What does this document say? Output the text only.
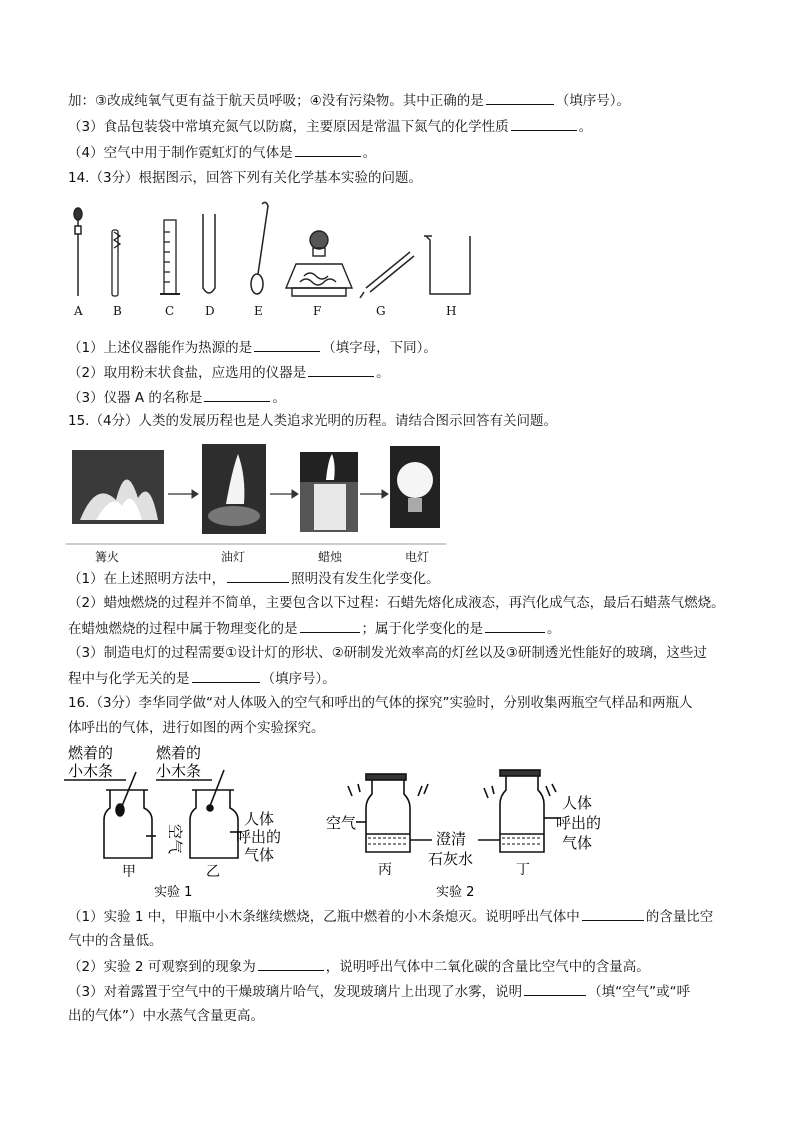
加：③改成纯氧气更有益于航天员呼吸；④没有污染物。其中正确的是	（填序号）。
（3）食品包装袋中常填充氮气以防腐，主要原因是常温下氮气的化学性质	。
（4）空气中用于制作霓虹灯的气体是	。
14.（3分）根据图示，回答下列有关化学基本实验的问题。
A	B	C	D	E	F	G	H
（1）上述仪器能作为热源的是	（填字母，下同）。
（2）取用粉末状食盐，应选用的仪器是	。
（3）仪器 A 的名称是	。
15.（4分）人类的发展历程也是人类追求光明的历程。请结合图示回答有关问题。
篝火	油灯	蜡烛	电灯
（1）在上述照明方法中，	照明没有发生化学变化。
（2）蜡烛燃烧的过程并不简单，主要包含以下过程：石蜡先熔化成液态，再汽化成气态，最后石蜡蒸气燃烧。
在蜡烛燃烧的过程中属于物理变化的是	；属于化学变化的是	。
（3）制造电灯的过程需要①设计灯的形状、②研制发光效率高的灯丝以及③研制透光性能好的玻璃，这些过
程中与化学无关的是	（填序号）。
16.（3分）李华同学做“对人体吸入的空气和呼出的气体的探究”实验时，分别收集两瓶空气样品和两瓶人
体呼出的气体，进行如图的两个实验探究。
燃着的
小木条
燃着的
小木条
空气
人体
呼出的
气体
甲	乙
空气
澄清
石灰水
人体
呼出的
气体
丙	丁
实验 1	实验 2
（1）实验 1 中，甲瓶中小木条继续燃烧，乙瓶中燃着的小木条熄灭。说明呼出气体中	的含量比空
气中的含量低。
（2）实验 2 可观察到的现象为	，说明呼出气体中二氧化碳的含量比空气中的含量高。
（3）对着露置于空气中的干燥玻璃片哈气，发现玻璃片上出现了水雾，说明	（填“空气”或“呼
出的气体”）中水蒸气含量更高。
